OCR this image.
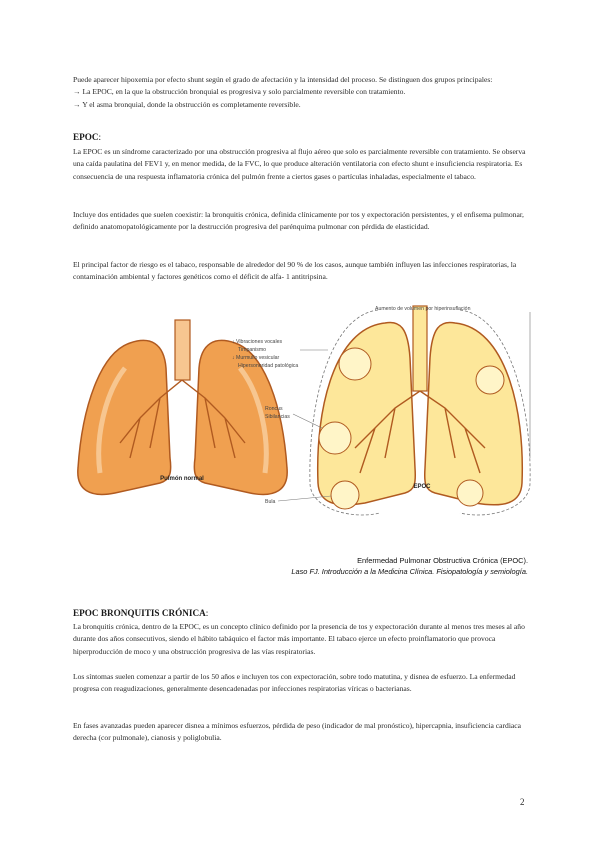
Puede aparecer hipoxemia por efecto shunt según el grado de afectación y la intensidad del proceso. Se distinguen dos grupos principales:
→ La EPOC, en la que la obstrucción bronquial es progresiva y solo parcialmente reversible con tratamiento.
→ Y el asma bronquial, donde la obstrucción es completamente reversible.
EPOC:
La EPOC es un síndrome caracterizado por una obstrucción progresiva al flujo aéreo que solo es parcialmente reversible con tratamiento. Se observa una caída paulatina del FEV1 y, en menor medida, de la FVC, lo que produce alteración ventilatoria con efecto shunt e insuficiencia respiratoria. Es consecuencia de una respuesta inflamatoria crónica del pulmón frente a ciertos gases o partículas inhaladas, especialmente el tabaco.
Incluye dos entidades que suelen coexistir: la bronquitis crónica, definida clínicamente por tos y expectoración persistentes, y el enfisema pulmonar, definido anatomopatológicamente por la destrucción progresiva del parénquima pulmonar con pérdida de elasticidad.
El principal factor de riesgo es el tabaco, responsable de alrededor del 90 % de los casos, aunque también influyen las infecciones respiratorias, la contaminación ambiental y factores genéticos como el déficit de alfa- 1 antitripsina.
Pulmón normal
EPOC
Aumento de volumen por hiperinsuflación
↓ Vibraciones vocales
Timpanismo
↓ Murmullo vesicular
Hipersonoridad patológica
Roncus
Sibilancias
Bula
Enfermedad Pulmonar Obstructiva Crónica (EPOC).
Laso FJ. Introducción a la Medicina Clínica. Fisiopatología y semiología.
EPOC BRONQUITIS CRÓNICA:
La bronquitis crónica, dentro de la EPOC, es un concepto clínico definido por la presencia de tos y expectoración durante al menos tres meses al año durante dos años consecutivos, siendo el hábito tabáquico el factor más importante. El tabaco ejerce un efecto proinflamatorio que provoca hiperproducción de moco y una obstrucción progresiva de las vías respiratorias.
Los síntomas suelen comenzar a partir de los 50 años e incluyen tos con expectoración, sobre todo matutina, y disnea de esfuerzo. La enfermedad progresa con reagudizaciones, generalmente desencadenadas por infecciones respiratorias víricas o bacterianas.
En fases avanzadas pueden aparecer disnea a mínimos esfuerzos, pérdida de peso (indicador de mal pronóstico), hipercapnia, insuficiencia cardiaca derecha (cor pulmonale), cianosis y poliglobulia.
2
